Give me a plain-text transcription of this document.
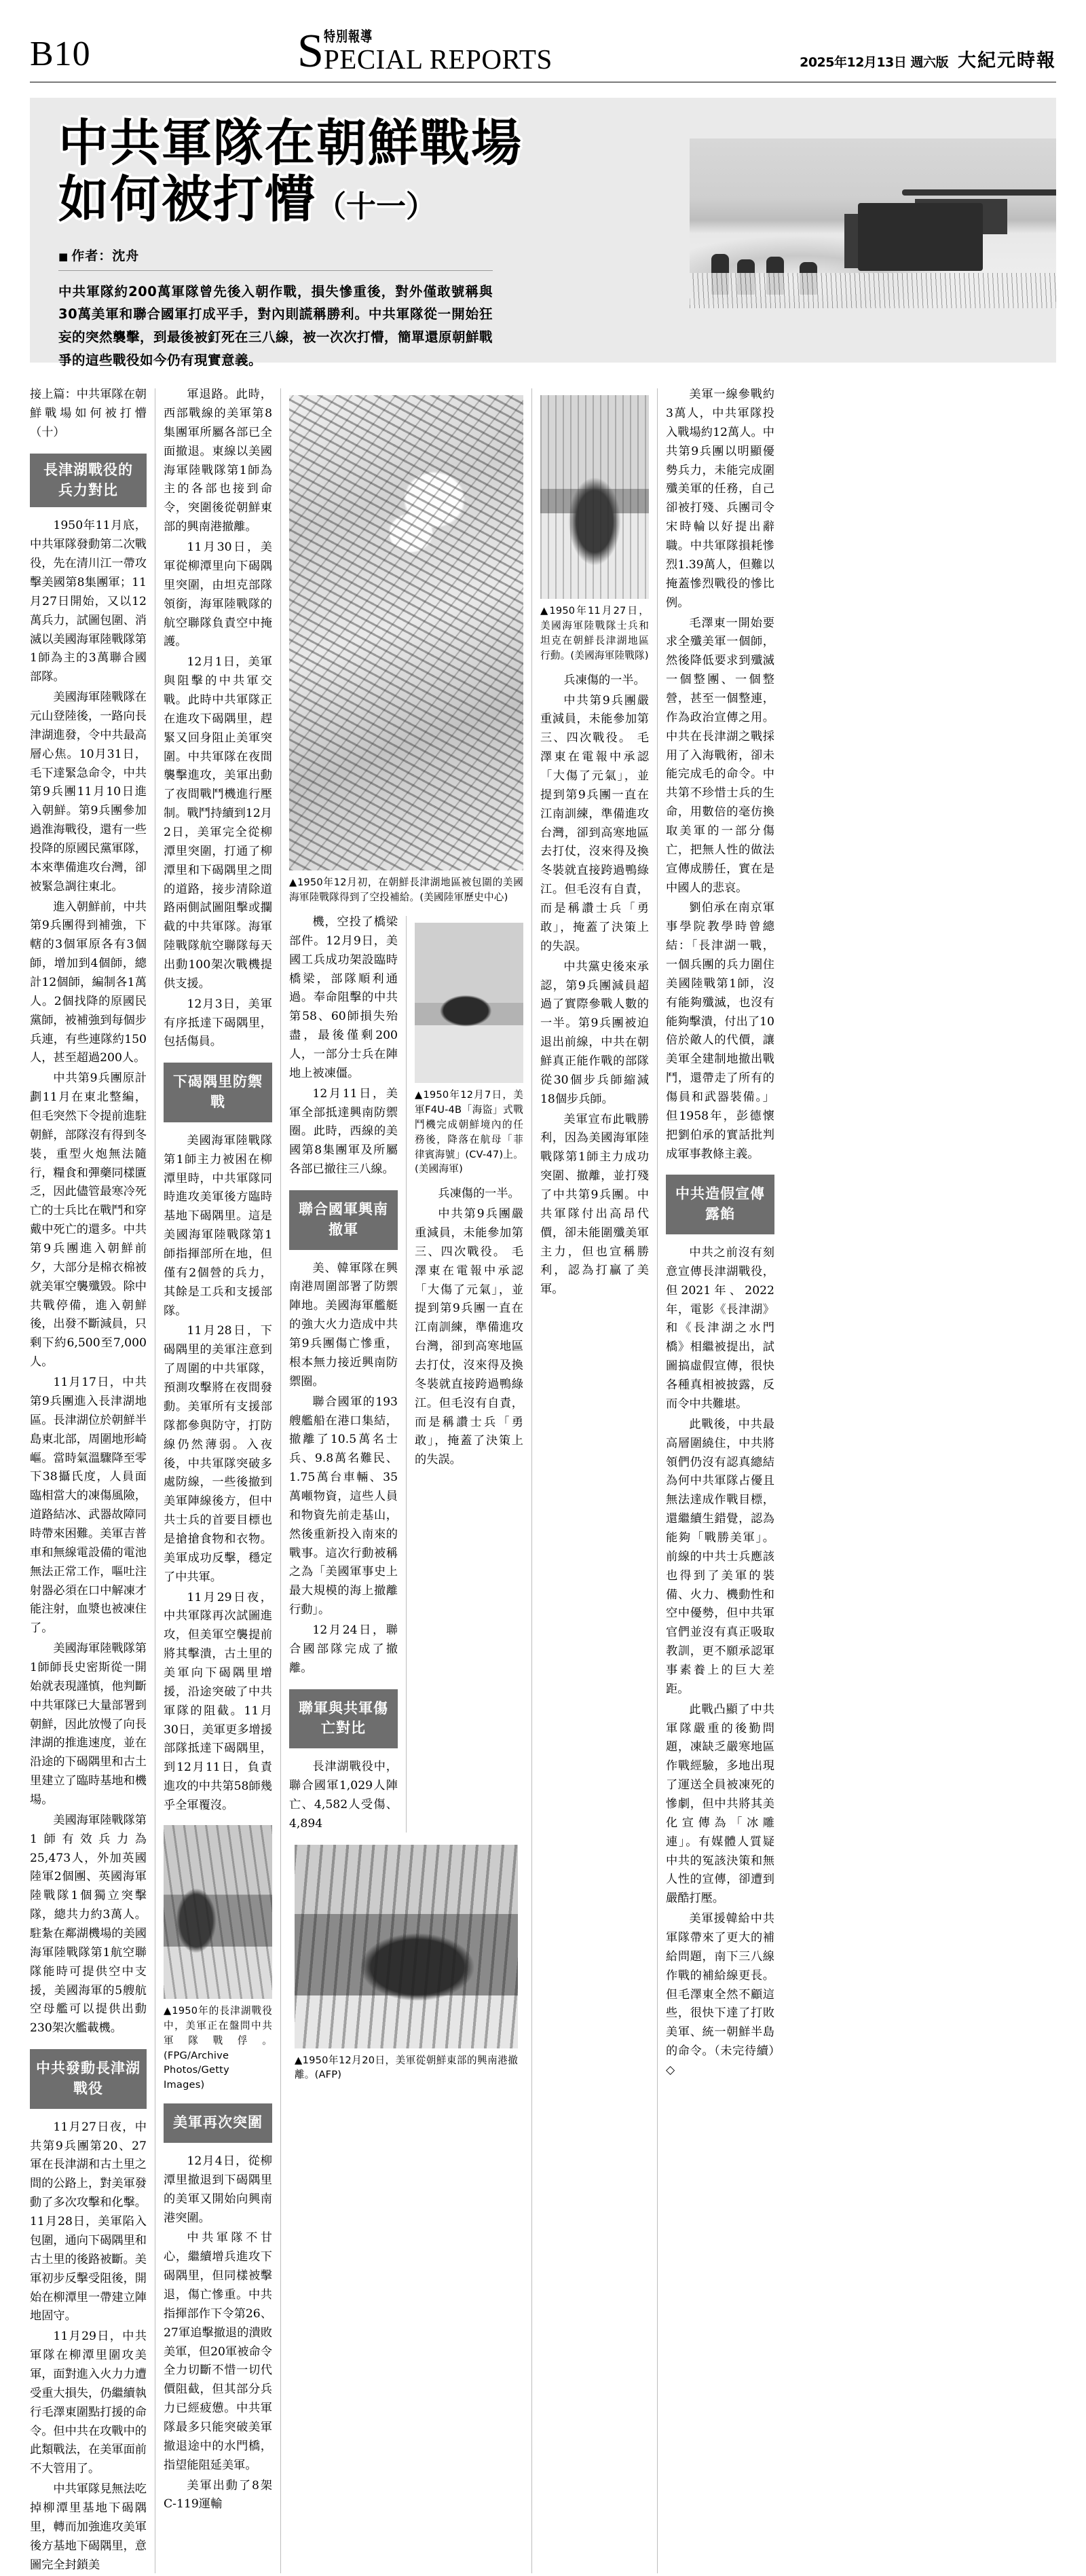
B10	S 特別報導
PECIAL REPORTS	2025年12月13日 週六版 大紀元時報
中共軍隊在朝鮮戰場
如何被打懵（十一）
■ 作者：沈舟
中共軍隊約200萬軍隊曾先後入朝作戰，損失慘重後，對外僅敢號稱與30萬美軍和聯合國軍打成平手，對內則謊稱勝利。中共軍隊從一開始狂妄的突然襲擊，到最後被釘死在三八線，被一次次打懵，簡單還原朝鮮戰爭的這些戰役如今仍有現實意義。

接上篇：中共軍隊在朝鮮戰場如何被打懵（十）

長津湖戰役的
兵力對比

1950年11月底，中共軍隊發動第二次戰役，先在清川江一帶攻擊美國第8集團軍；11月27日開始，又以12萬兵力，試圖包圍、消滅以美國海軍陸戰隊第1師為主的3萬聯合國部隊。

美國海軍陸戰隊在元山登陸後，一路向長津湖進發，令中共最高層心焦。10月31日，毛下達緊急命令，中共第9兵團11月10日進入朝鮮。第9兵團參加過淮海戰役，還有一些投降的原國民黨軍隊，本來準備進攻台灣，卻被緊急調往東北。

進入朝鮮前，中共第9兵團得到補強，下轄的3個軍原各有3個師，增加到4個師，總計12個師，編制各1萬人。2個找降的原國民黨師，被補強到每個步兵連，有些連隊約150人，甚至超過200人。

中共第9兵團原計劃11月在東北整編，但毛突然下令提前進駐朝鮮，部隊沒有得到冬裝，重型火炮無法隨行，糧食和彈藥同樣匱乏，因此儘管最寒冷死亡的士兵比在戰鬥和穿戴中死亡的還多。中共第9兵團進入朝鮮前夕，大部分是棉衣棉被就美軍空襲殲毀。除中共戰停備，進入朝鮮後，出發不斷減員，只剩下約6,500至7,000人。

11月17日，中共第9兵團進入長津湖地區。長津湖位於朝鮮半島東北部，周圍地形崎嶇。當時氣溫驟降至零下38攝氏度，人員面臨相當大的凍傷風險，道路結冰、武器故障同時帶來困難。美軍吉普車和無線電設備的電池無法正常工作，嘔吐注射器必須在口中解凍才能注射，血漿也被凍住了。

美國海軍陸戰隊第1師師長史密斯從一開始就表現謹慎，他判斷中共軍隊已大量部署到朝鮮，因此放慢了向長津湖的推進速度，並在沿途的下碣隅里和古土里建立了臨時基地和機場。

美國海軍陸戰隊第1師有效兵力為25,473人，外加英國陸軍2個團、英國海軍陸戰隊1個獨立突擊隊，總共力約3萬人。駐紮在鄰湖機場的美國海軍陸戰隊第1航空聯隊能時可提供空中支援，美國海軍的5艘航空母艦可以提供出動230架次艦載機。

中共發動長津湖戰役

11月27日夜，中共第9兵團第20、27軍在長津湖和古土里之間的公路上，對美軍發動了多次攻擊和化擊。11月28日，美軍陷入包圍，通向下碣隅里和古土里的後路被斷。美軍初步反擊受阻後，開始在柳潭里一帶建立陣地固守。

11月29日，中共軍隊在柳潭里圍攻美軍，面對進入火力力遭受重大損失，仍繼續執行毛澤東圍點打援的命令。但中共在攻戰中的此類戰法，在美軍面前不大管用了。

中共軍隊見無法吃掉柳潭里基地下碣隅里，轉而加強進攻美軍後方基地下碣隅里，意圖完全封鎖美

軍退路。此時，西部戰線的美軍第8集團軍所屬各部已全面撤退。東線以美國海軍陸戰隊第1師為主的各部也接到命令，突圍後從朝鮮東部的興南港撤離。

11月30日，美軍從柳潭里向下碣隅里突圍，由坦克部隊領銜，海軍陸戰隊的航空聯隊負責空中掩護。

12月1日，美軍與阻擊的中共軍交戰。此時中共軍隊正在進攻下碣隅里，趕緊又回身阻止美軍突圍。中共軍隊在夜間襲擊進攻，美軍出動了夜間戰鬥機進行壓制。戰鬥持續到12月2日，美軍完全從柳潭里突圍，打通了柳潭里和下碣隅里之間的道路，接步清除道路兩側試圖阻擊或攔截的中共軍隊。海軍陸戰隊航空聯隊每天出動100架次戰機提供支援。

12月3日，美軍有序抵達下碣隅里，包括傷員。

下碣隅里防禦戰

美國海軍陸戰隊第1師主力被困在柳潭里時，中共軍隊同時進攻美軍後方臨時基地下碣隅里。這是美國海軍陸戰隊第1師指揮部所在地，但僅有2個營的兵力，其餘是工兵和支援部隊。

11月28日，下碣隅里的美軍注意到了周圍的中共軍隊，預測攻擊將在夜間發動。美軍所有支援部隊都參與防守，打防線仍然薄弱。入夜後，中共軍隊突破多處防線，一些後撤到美軍陣線後方，但中共士兵的首要目標也是搶搶食物和衣物。美軍成功反擊，穩定了中共軍。

11月29日夜，中共軍隊再次試圖進攻，但美軍空襲提前將其擊潰，古土里的美軍向下碣隅里增援，沿途突破了中共軍隊的阻截。11月30日，美軍更多增援部隊抵達下碣隅里，到12月11日，負責進攻的中共第58師幾乎全軍覆沒。

▲1950年的長津湖戰役中，美軍正在盤問中共軍隊戰俘。(FPG/Archive Photos/Getty Images)
美軍再次突圍

12月4日，從柳潭里撤退到下碣隅里的美軍又開始向興南港突圍。

中共軍隊不甘心，繼續增兵進攻下碣隅里，但同樣被擊退，傷亡慘重。中共指揮部作下令第26、27軍追擊撤退的潰敗美軍，但20軍被命令全力切斷不惜一切代價阻截，但其部分兵力已經疲憊。中共軍隊最多只能突破美軍撤退途中的水門橋，指望能阻延美軍。

美軍出動了8架C-119運輸

▲1950年12月初，在朝鮮長津湖地區被包圍的美國海軍陸戰隊得到了空投補給。(美國陸軍歷史中心)

機，空投了橋梁部件。12月9日，美國工兵成功架設臨時橋梁，部隊順利通過。奉命阻擊的中共第58、60師損失殆盡，最後僅剩200人，一部分士兵在陣地上被凍僵。

12月11日，美軍全部抵達興南防禦圈。此時，西線的美國第8集團軍及所屬各部已撤往三八線。

聯合國軍興南撤軍

美、韓軍隊在興南港周圍部署了防禦陣地。美國海軍艦艇的強大火力造成中共第9兵團傷亡慘重，根本無力接近興南防禦圈。

聯合國軍的193艘艦船在港口集結，撤離了10.5萬名士兵、9.8萬名難民、1.75萬台車輛、35萬噸物資，這些人員和物資先前走基山，然後重新投入南來的戰事。這次行動被稱之為「美國軍事史上最大規模的海上撤離行動」。

12月24日，聯合國部隊完成了撤離。

聯軍與共軍傷亡對比

長津湖戰役中，聯合國軍1,029人陣亡、4,582人受傷、4,894

▲1950年12月7日，美軍F4U-4B「海盜」式戰鬥機完成朝鮮境內的任務後，降落在航母「菲律賓海號」(CV-47)上。(美國海軍)

兵凍傷的一半。

中共第9兵團嚴重減員，未能參加第三、四次戰役。 毛澤東在電報中承認「大傷了元氣」，並提到第9兵團一直在江南訓練，準備進攻台灣，卻到高寒地區去打仗，沒來得及換冬裝就直接跨過鴨綠江。但毛沒有自責，而是稱讚士兵「勇敢」，掩蓋了決策上的失誤。

▲1950年12月20日，美軍從朝鮮東部的興南港撤離。(AFP)
▲1950年11月27日，美國海軍陸戰隊士兵和坦克在朝鮮長津湖地區行動。(美國海軍陸戰隊)

兵凍傷的一半。

中共第9兵團嚴重減員，未能參加第三、四次戰役。 毛澤東在電報中承認「大傷了元氣」，並提到第9兵團一直在江南訓練，準備進攻台灣，卻到高寒地區去打仗，沒來得及換冬裝就直接跨過鴨綠江。但毛沒有自責，而是稱讚士兵「勇敢」，掩蓋了決策上的失誤。

中共黨史後來承認，第9兵團減員超過了實際參戰人數的一半。第9兵團被迫退出前線，中共在朝鮮真正能作戰的部隊從30個步兵師縮減18個步兵師。

美軍宣布此戰勝利，因為美國海軍陸戰隊第1師主力成功突圍、撤離，並打殘了中共第9兵團。中共軍隊付出高昂代價，卻未能圍殲美軍主力，但也宣稱勝利，認為打贏了美軍。

美軍一線參戰約3萬人，中共軍隊投入戰場約12萬人。中共第9兵團以明顯優勢兵力，未能完成圍殲美軍的任務，自己卻被打殘、兵團司令宋時輪以好提出辭職。中共軍隊損耗慘烈1.39萬人，但難以掩蓋慘烈戰役的慘比例。

毛澤東一開始要求全殲美軍一個師，然後降低要求到殲滅一個整團、一個整營，甚至一個整連，作為政治宣傳之用。中共在長津湖之戰採用了入海戰術，卻未能完成毛的命令。中共第不珍惜士兵的生命，用數倍的毫仿換取美軍的一部分傷亡，把無人性的做法宣傳成勝任，實在是中國人的悲哀。

劉伯承在南京軍事學院教學時曾總結：「長津湖一戰，一個兵團的兵力圍住美國陸戰第1師，沒有能夠殲滅，也沒有能夠擊潰，付出了10倍於敵人的代價，讓美軍全建制地撤出戰鬥，還帶走了所有的傷員和武器裝備。」但1958年，彭德懷把劉伯承的實話批判成軍事教條主義。

中共造假宣傳露餡

中共之前沒有刻意宣傳長津湖戰役，但2021年、2022年，電影《長津湖》和《長津湖之水門橋》相繼被提出，試圖搞虛假宣傳，很快各種真相被披露，反而令中共難堪。

此戰後，中共最高層圍繞住，中共將領們仍沒有認真總結為何中共軍隊占優且無法達成作戰目標，還繼續生錯覺，認為能夠「戰勝美軍」。前線的中共士兵應該也得到了美軍的裝備、火力、機動性和空中優勢，但中共軍官們並沒有真正吸取教訓，更不願承認軍事素養上的巨大差距。

此戰凸顯了中共軍隊嚴重的後勤問題，凍缺乏嚴寒地區作戰經驗，多地出現了運送全員被凍死的慘劇，但中共將其美化宣傳為「冰雕連」。有媒體人質疑中共的冤該決策和無人性的宣傳，卻遭到嚴酷打壓。

美軍援韓給中共軍隊帶來了更大的補給問題，南下三八線作戰的補給線更長。但毛澤東全然不顧這些，很快下達了打敗美軍、統一朝鮮半島的命令。（未完待續）◇
